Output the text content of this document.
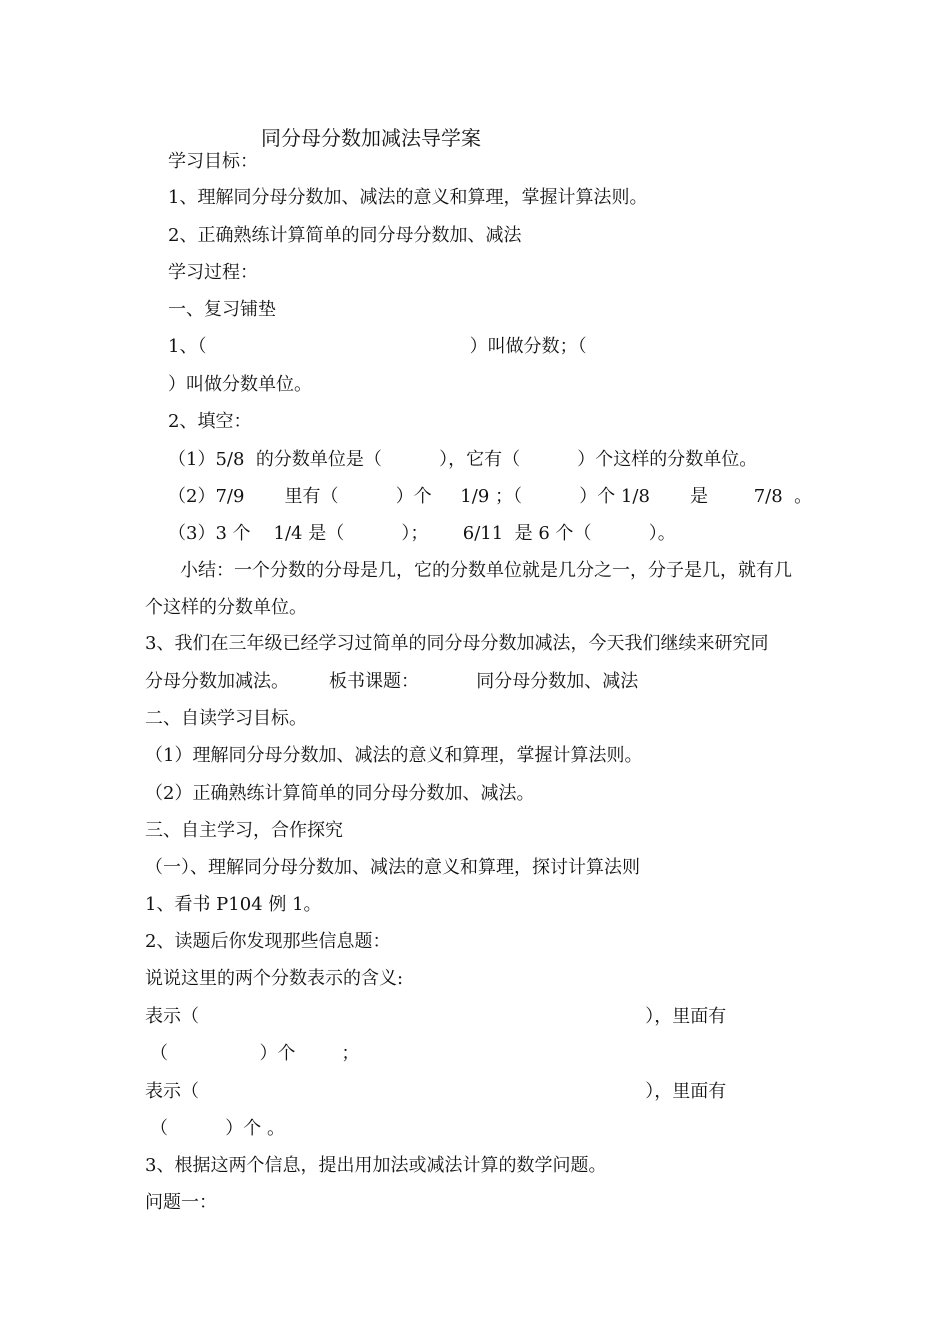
同分母分数加减法导学案
学习目标：
1、理解同分母分数加、减法的意义和算理，掌握计算法则。
2、正确熟练计算简单的同分母分数加、减法
学习过程：
一、复习铺垫
1、（                                              ）叫做分数；（
）叫做分数单位。
2、填空：
（1）5/8  的分数单位是（          ），它有（          ）个这样的分数单位。
（2）7/9       里有（          ）个     1/9 ；（          ）个 1/8       是        7/8  。
（3）3 个    1/4 是（          ）；      6/11  是 6 个（          ）。
小结：一个分数的分母是几，它的分数单位就是几分之一，分子是几，就有几
个这样的分数单位。
3、我们在三年级已经学习过简单的同分母分数加减法，今天我们继续来研究同
分母分数加减法。       板书课题：          同分母分数加、减法
二、自读学习目标。
（1）理解同分母分数加、减法的意义和算理，掌握计算法则。
（2）正确熟练计算简单的同分母分数加、减法。
三、自主学习，合作探究
（一）、理解同分母分数加、减法的意义和算理，探讨计算法则
1、看书 P104 例 1。
2、读题后你发现那些信息题：
说说这里的两个分数表示的含义:
表示（                                                                              ），里面有
（                ）个        ；
表示（                                                                              ），里面有
（          ）个 。
3、根据这两个信息，提出用加法或减法计算的数学问题。
问题一：
